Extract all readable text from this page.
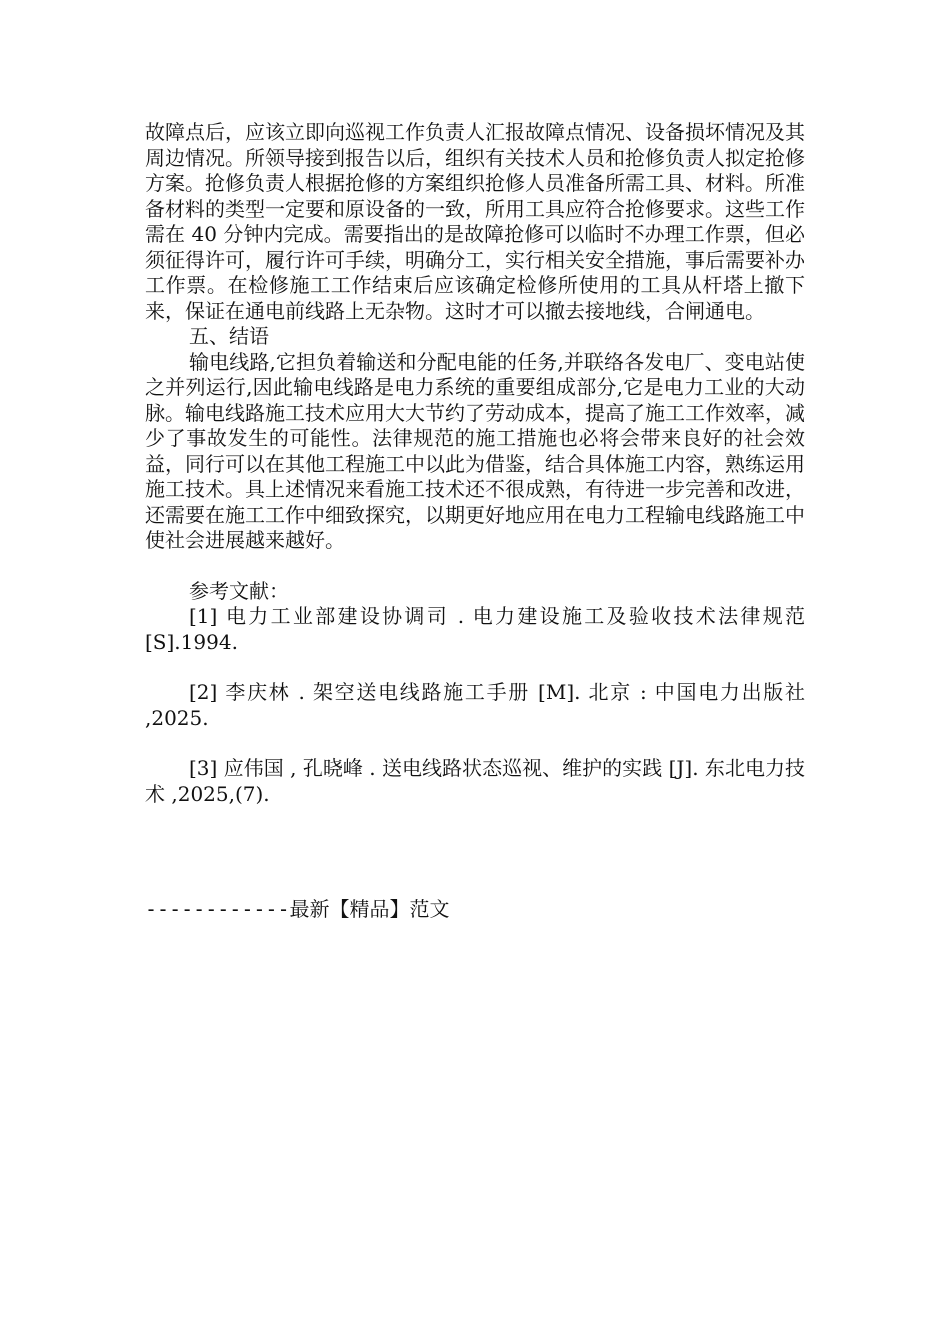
故障点后，应该立即向巡视工作负责人汇报故障点情况、设备损坏情况及其周边情况。所领导接到报告以后，组织有关技术人员和抢修负责人拟定抢修方案。抢修负责人根据抢修的方案组织抢修人员准备所需工具、材料。所准备材料的类型一定要和原设备的一致，所用工具应符合抢修要求。这些工作需在 40 分钟内完成。需要指出的是故障抢修可以临时不办理工作票，但必须征得许可，履行许可手续，明确分工，实行相关安全措施，事后需要补办工作票。在检修施工工作结束后应该确定检修所使用的工具从杆塔上撤下来，保证在通电前线路上无杂物。这时才可以撤去接地线，合闸通电。

五、结语

输电线路,它担负着输送和分配电能的任务,并联络各发电厂、变电站使之并列运行,因此输电线路是电力系统的重要组成部分,它是电力工业的大动脉。输电线路施工技术应用大大节约了劳动成本，提高了施工工作效率，减少了事故发生的可能性。法律规范的施工措施也必将会带来良好的社会效益，同行可以在其他工程施工中以此为借鉴，结合具体施工内容，熟练运用施工技术。具上述情况来看施工技术还不很成熟，有待进一步完善和改进，还需要在施工工作中细致探究，以期更好地应用在电力工程输电线路施工中使社会进展越来越好。

参考文献：

[1] 电力工业部建设协调司 . 电力建设施工及验收技术法律规范 [S].1994.

[2] 李庆林 . 架空送电线路施工手册 [M]. 北京 : 中国电力出版社 ,2025.

[3] 应伟国 , 孔晓峰 . 送电线路状态巡视、维护的实践 [J]. 东北电力技术 ,2025,(7).

------------最新【精品】范文
